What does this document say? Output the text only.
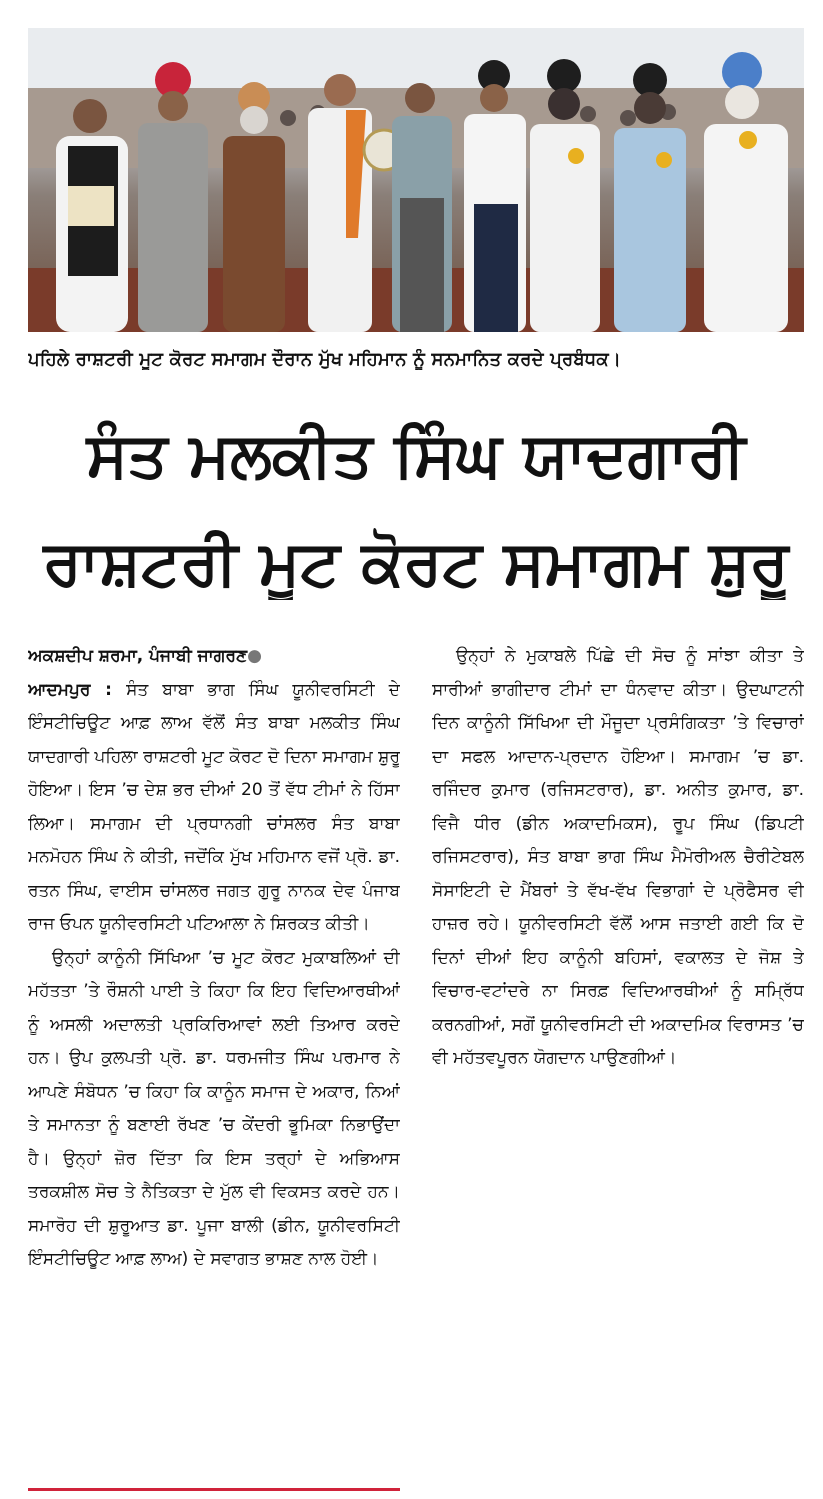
ਪਹਿਲੇ ਰਾਸ਼ਟਰੀ ਮੂਟ ਕੋਰਟ ਸਮਾਗਮ ਦੌਰਾਨ ਮੁੱਖ ਮਹਿਮਾਨ ਨੂੰ ਸਨਮਾਨਿਤ ਕਰਦੇ ਪ੍ਰਬੰਧਕ।
ਸੰਤ ਮਲਕੀਤ ਸਿੰਘ ਯਾਦਗਾਰੀ
ਰਾਸ਼ਟਰੀ ਮੂਟ ਕੋਰਟ ਸਮਾਗਮ ਸ਼ੁਰੂ

ਅਕਸ਼ਦੀਪ ਸ਼ਰਮਾ, ਪੰਜਾਬੀ ਜਾਗਰਣ●

ਆਦਮਪੁਰ : ਸੰਤ ਬਾਬਾ ਭਾਗ ਸਿੰਘ ਯੂਨੀਵਰਸਿਟੀ ਦੇ ਇੰਸਟੀਚਿਊਟ ਆਫ਼ ਲਾਅ ਵੱਲੋਂ ਸੰਤ ਬਾਬਾ ਮਲਕੀਤ ਸਿੰਘ ਯਾਦਗਾਰੀ ਪਹਿਲਾ ਰਾਸ਼ਟਰੀ ਮੂਟ ਕੋਰਟ ਦੋ ਦਿਨਾ ਸਮਾਗਮ ਸ਼ੁਰੂ ਹੋਇਆ। ਇਸ ’ਚ ਦੇਸ਼ ਭਰ ਦੀਆਂ 20 ਤੋਂ ਵੱਧ ਟੀਮਾਂ ਨੇ ਹਿੱਸਾ ਲਿਆ। ਸਮਾਗਮ ਦੀ ਪ੍ਰਧਾਨਗੀ ਚਾਂਸਲਰ ਸੰਤ ਬਾਬਾ ਮਨਮੋਹਨ ਸਿੰਘ ਨੇ ਕੀਤੀ, ਜਦੋਂਕਿ ਮੁੱਖ ਮਹਿਮਾਨ ਵਜੋਂ ਪ੍ਰੋ. ਡਾ. ਰਤਨ ਸਿੰਘ, ਵਾਈਸ ਚਾਂਸਲਰ ਜਗਤ ਗੁਰੂ ਨਾਨਕ ਦੇਵ ਪੰਜਾਬ ਰਾਜ ਓਪਨ ਯੂਨੀਵਰਸਿਟੀ ਪਟਿਆਲਾ ਨੇ ਸ਼ਿਰਕਤ ਕੀਤੀ।

ਉਨ੍ਹਾਂ ਕਾਨੂੰਨੀ ਸਿੱਖਿਆ ’ਚ ਮੂਟ ਕੋਰਟ ਮੁਕਾਬਲਿਆਂ ਦੀ ਮਹੱਤਤਾ ’ਤੇ ਰੌਸ਼ਨੀ ਪਾਈ ਤੇ ਕਿਹਾ ਕਿ ਇਹ ਵਿਦਿਆਰਥੀਆਂ ਨੂੰ ਅਸਲੀ ਅਦਾਲਤੀ ਪ੍ਰਕਿਰਿਆਵਾਂ ਲਈ ਤਿਆਰ ਕਰਦੇ ਹਨ। ਉਪ ਕੁਲਪਤੀ ਪ੍ਰੋ. ਡਾ. ਧਰਮਜੀਤ ਸਿੰਘ ਪਰਮਾਰ ਨੇ ਆਪਣੇ ਸੰਬੋਧਨ ’ਚ ਕਿਹਾ ਕਿ ਕਾਨੂੰਨ ਸਮਾਜ ਦੇ ਅਕਾਰ, ਨਿਆਂ ਤੇ ਸਮਾਨਤਾ ਨੂੰ ਬਣਾਈ ਰੱਖਣ ’ਚ ਕੇਂਦਰੀ ਭੂਮਿਕਾ ਨਿਭਾਉਂਦਾ ਹੈ। ਉਨ੍ਹਾਂ ਜ਼ੋਰ ਦਿੱਤਾ ਕਿ ਇਸ ਤਰ੍ਹਾਂ ਦੇ ਅਭਿਆਸ ਤਰਕਸ਼ੀਲ ਸੋਚ ਤੇ ਨੈਤਿਕਤਾ ਦੇ ਮੁੱਲ ਵੀ ਵਿਕਸਤ ਕਰਦੇ ਹਨ। ਸਮਾਰੋਹ ਦੀ ਸ਼ੁਰੂਆਤ ਡਾ. ਪੂਜਾ ਬਾਲੀ (ਡੀਨ, ਯੂਨੀਵਰਸਿਟੀ ਇੰਸਟੀਚਿਊਟ ਆਫ਼ ਲਾਅ) ਦੇ ਸਵਾਗਤ ਭਾਸ਼ਣ ਨਾਲ ਹੋਈ।

ਉਨ੍ਹਾਂ ਨੇ ਮੁਕਾਬਲੇ ਪਿੱਛੇ ਦੀ ਸੋਚ ਨੂੰ ਸਾਂਝਾ ਕੀਤਾ ਤੇ ਸਾਰੀਆਂ ਭਾਗੀਦਾਰ ਟੀਮਾਂ ਦਾ ਧੰਨਵਾਦ ਕੀਤਾ। ਉਦਘਾਟਨੀ ਦਿਨ ਕਾਨੂੰਨੀ ਸਿੱਖਿਆ ਦੀ ਮੌਜੂਦਾ ਪ੍ਰਸੰਗਿਕਤਾ ’ਤੇ ਵਿਚਾਰਾਂ ਦਾ ਸਫਲ ਆਦਾਨ-ਪ੍ਰਦਾਨ ਹੋਇਆ। ਸਮਾਗਮ ’ਚ ਡਾ. ਰਜਿੰਦਰ ਕੁਮਾਰ (ਰਜਿਸਟਰਾਰ), ਡਾ. ਅਨੀਤ ਕੁਮਾਰ, ਡਾ. ਵਿਜੈ ਧੀਰ (ਡੀਨ ਅਕਾਦਮਿਕਸ), ਰੂਪ ਸਿੰਘ (ਡਿਪਟੀ ਰਜਿਸਟਰਾਰ), ਸੰਤ ਬਾਬਾ ਭਾਗ ਸਿੰਘ ਮੈਮੋਰੀਅਲ ਚੈਰੀਟੇਬਲ ਸੋਸਾਇਟੀ ਦੇ ਮੈਂਬਰਾਂ ਤੇ ਵੱਖ-ਵੱਖ ਵਿਭਾਗਾਂ ਦੇ ਪ੍ਰੋਫੈਸਰ ਵੀ ਹਾਜ਼ਰ ਰਹੇ। ਯੂਨੀਵਰਸਿਟੀ ਵੱਲੋਂ ਆਸ ਜਤਾਈ ਗਈ ਕਿ ਦੋ ਦਿਨਾਂ ਦੀਆਂ ਇਹ ਕਾਨੂੰਨੀ ਬਹਿਸਾਂ, ਵਕਾਲਤ ਦੇ ਜੋਸ਼ ਤੇ ਵਿਚਾਰ-ਵਟਾਂਦਰੇ ਨਾ ਸਿਰਫ਼ ਵਿਦਿਆਰਥੀਆਂ ਨੂੰ ਸਮ੍ਰਿੱਧ ਕਰਨਗੀਆਂ, ਸਗੋਂ ਯੂਨੀਵਰਸਿਟੀ ਦੀ ਅਕਾਦਮਿਕ ਵਿਰਾਸਤ ’ਚ ਵੀ ਮਹੱਤਵਪੂਰਨ ਯੋਗਦਾਨ ਪਾਉਣਗੀਆਂ।
